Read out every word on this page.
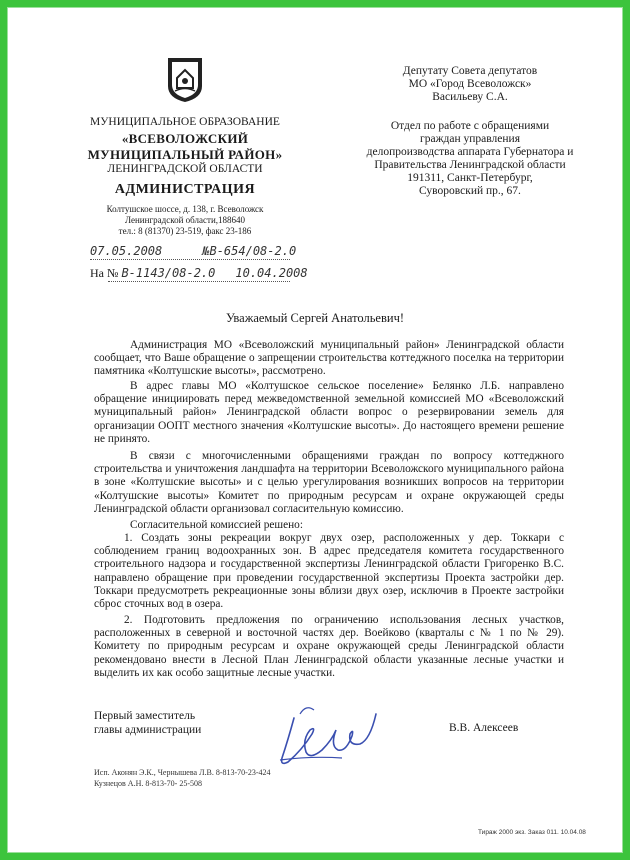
МУНИЦИПАЛЬНОЕ ОБРАЗОВАНИЕ
«ВСЕВОЛОЖСКИЙ
МУНИЦИПАЛЬНЫЙ РАЙОН»
ЛЕНИНГРАДСКОЙ ОБЛАСТИ
АДМИНИСТРАЦИЯ
Колтушское шоссе, д. 138, г. Всеволожск
Ленинградской области,188640
тел.: 8 (81370) 23-519, факс 23-186
07.05.2008	№В-654/08-2.0
На № В-1143/08-2.0 10.04.2008
Депутату Совета депутатов
МО «Город Всеволожск»
Васильеву С.А.
Отдел по работе с обращениями
граждан управления
делопроизводства аппарата Губернатора и
Правительства Ленинградской области
191311, Санкт-Петербург,
Суворовский пр., 67.
Уважаемый Сергей Анатольевич!
Администрация МО «Всеволожский муниципальный район» Ленинградской области сообщает, что Ваше обращение о запрещении строительства коттеджного поселка на территории памятника «Колтушские высоты», рассмотрено.
В адрес главы МО «Колтушское сельское поселение» Белянко Л.Б. направлено обращение инициировать перед межведомственной земельной комиссией МО «Всеволожский муниципальный район» Ленинградской области вопрос о резервировании земель для организации ООПТ местного значения «Колтушские высоты». До настоящего времени решение не принято.
В связи с многочисленными обращениями граждан по вопросу коттеджного строительства и уничтожения ландшафта на территории Всеволожского муниципального района в зоне «Колтушские высоты» и с целью урегулирования возникших вопросов на территории «Колтушские высоты» Комитет по природным ресурсам и охране окружающей среды Ленинградской области организовал согласительную комиссию.
Согласительной комиссией решено:
1. Создать зоны рекреации вокруг двух озер, расположенных у дер. Токкари с соблюдением границ водоохранных зон. В адрес председателя комитета государственного строительного надзора и государственной экспертизы Ленинградской области Григоренко В.С. направлено обращение при проведении государственной экспертизы Проекта застройки дер. Токкари предусмотреть рекреационные зоны вблизи двух озер, исключив в Проекте застройки сброс сточных вод в озера.
2. Подготовить предложения по ограничению использования лесных участков, расположенных в северной и восточной частях дер. Воейково (кварталы с № 1 по № 29). Комитету по природным ресурсам и охране окружающей среды Ленинградской области рекомендовано внести в Лесной План Ленинградской области указанные лесные участки и выделить их как особо защитные лесные участки.
Первый заместитель
главы администрации	В.В. Алексеев
Исп. Аконян Э.К., Чернышева Л.В. 8-813-70-23-424
Кузнецов А.Н. 8-813-70- 25-508
Тираж 2000 экз. Заказ 011. 10.04.08
